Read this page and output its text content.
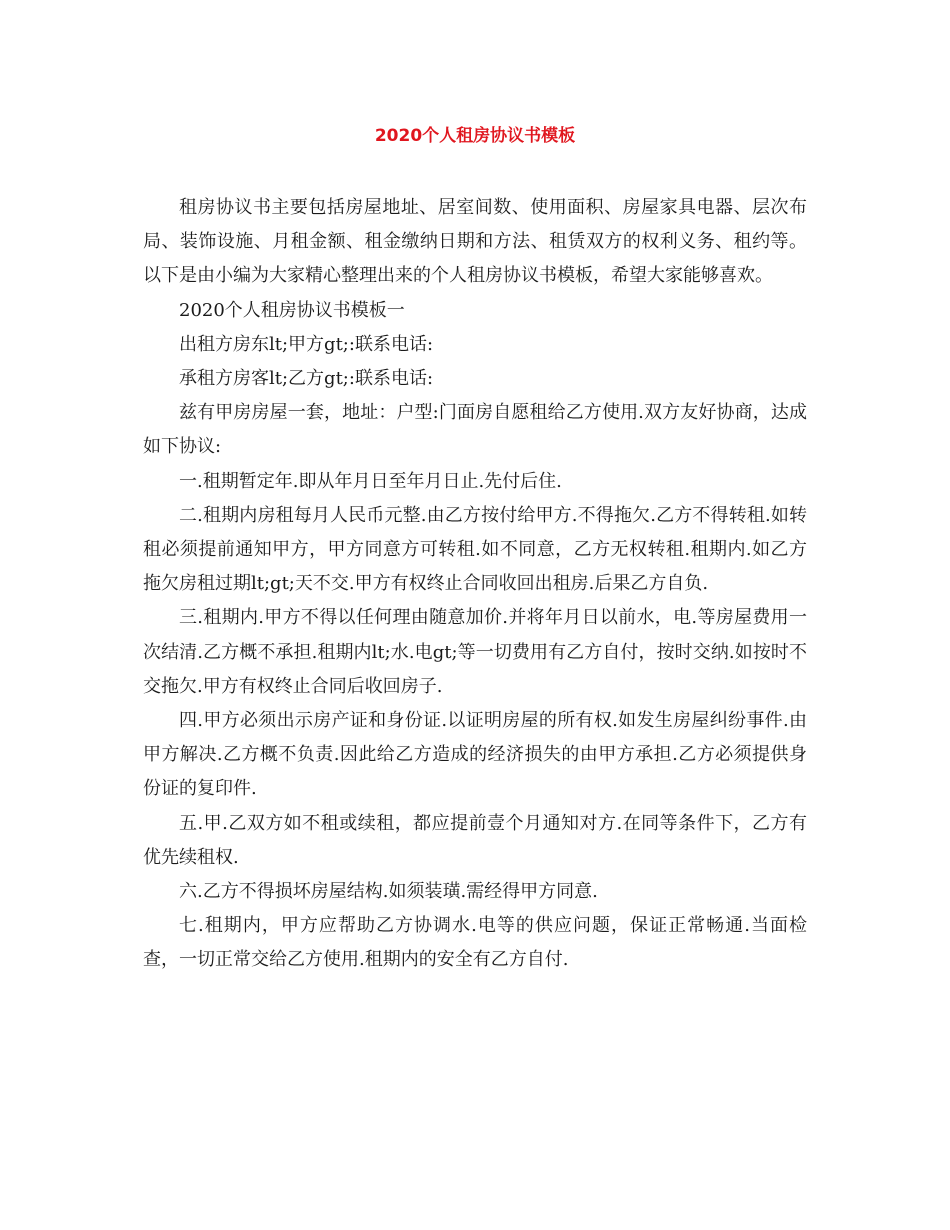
2020个人租房协议书模板

租房协议书主要包括房屋地址、居室间数、使用面积、房屋家具电器、层次布局、装饰设施、月租金额、租金缴纳日期和方法、租赁双方的权利义务、租约等。以下是由小编为大家精心整理出来的个人租房协议书模板，希望大家能够喜欢。

2020个人租房协议书模板一

出租方房东lt;甲方gt;:联系电话:

承租方房客lt;乙方gt;:联系电话:

兹有甲房房屋一套，地址：户型:门面房自愿租给乙方使用.双方友好协商，达成如下协议:

一.租期暂定年.即从年月日至年月日止.先付后住.

二.租期内房租每月人民币元整.由乙方按付给甲方.不得拖欠.乙方不得转租.如转租必须提前通知甲方，甲方同意方可转租.如不同意，乙方无权转租.租期内.如乙方拖欠房租过期lt;gt;天不交.甲方有权终止合同收回出租房.后果乙方自负.

三.租期内.甲方不得以任何理由随意加价.并将年月日以前水，电.等房屋费用一次结清.乙方概不承担.租期内lt;水.电gt;等一切费用有乙方自付，按时交纳.如按时不交拖欠.甲方有权终止合同后收回房子.

四.甲方必须出示房产证和身份证.以证明房屋的所有权.如发生房屋纠纷事件.由甲方解决.乙方概不负责.因此给乙方造成的经济损失的由甲方承担.乙方必须提供身份证的复印件.

五.甲.乙双方如不租或续租，都应提前壹个月通知对方.在同等条件下，乙方有优先续租权.

六.乙方不得损坏房屋结构.如须装璜.需经得甲方同意.

七.租期内，甲方应帮助乙方协调水.电等的供应问题，保证正常畅通.当面检查，一切正常交给乙方使用.租期内的安全有乙方自付.
